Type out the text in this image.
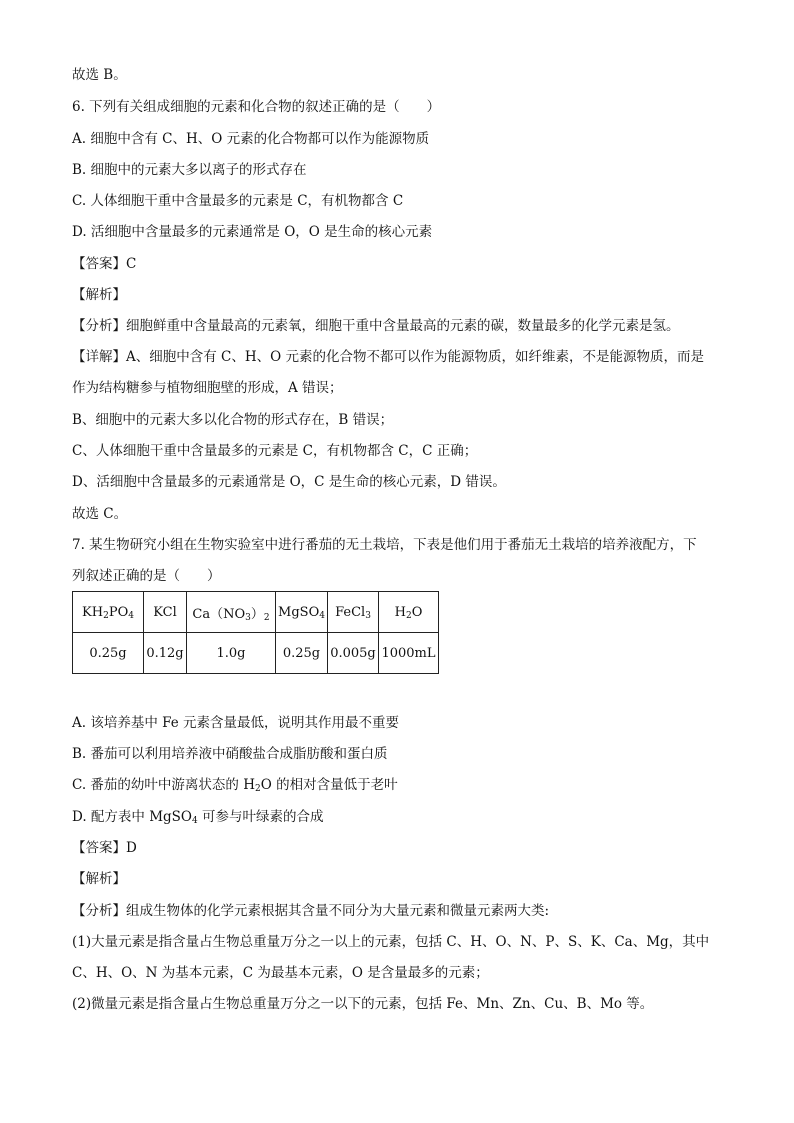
故选 B。
6. 下列有关组成细胞的元素和化合物的叙述正确的是（　　）
A. 细胞中含有 C、H、O 元素的化合物都可以作为能源物质
B. 细胞中的元素大多以离子的形式存在
C. 人体细胞干重中含量最多的元素是 C，有机物都含 C
D. 活细胞中含量最多的元素通常是 O，O 是生命的核心元素
【答案】C
【解析】
【分析】细胞鲜重中含量最高的元素氧，细胞干重中含量最高的元素的碳，数量最多的化学元素是氢。
【详解】A、细胞中含有 C、H、O 元素的化合物不都可以作为能源物质，如纤维素，不是能源物质，而是
作为结构糖参与植物细胞壁的形成，A 错误；
B、细胞中的元素大多以化合物的形式存在，B 错误；
C、人体细胞干重中含量最多的元素是 C，有机物都含 C，C 正确；
D、活细胞中含量最多的元素通常是 O，C 是生命的核心元素，D 错误。
故选 C。
7. 某生物研究小组在生物实验室中进行番茄的无土栽培，下表是他们用于番茄无土栽培的培养液配方，下
列叙述正确的是（　　）
$KH_2PO_4$	KCl	$Ca(NO_3)_2$	MgSO$_4$	FeCl$_3$	$H_2O$
0.25g	0.12g	1.0g	0.25g	0.005g	1000mL
A. 该培养基中 Fe 元素含量最低，说明其作用最不重要
B. 番茄可以利用培养液中硝酸盐合成脂肪酸和蛋白质
C. 番茄的幼叶中游离状态的 $H_2O$ 的相对含量低于老叶
D. 配方表中 MgSO$_4$ 可参与叶绿素的合成
【答案】D
【解析】
【分析】组成生物体的化学元素根据其含量不同分为大量元素和微量元素两大类:
(1)大量元素是指含量占生物总重量万分之一以上的元素，包括 C、H、O、N、P、S、K、Ca、Mg，其中
C、H、O、N 为基本元素，C 为最基本元素，O 是含量最多的元素；
(2)微量元素是指含量占生物总重量万分之一以下的元素，包括 Fe、Mn、Zn、Cu、B、Mo 等。
